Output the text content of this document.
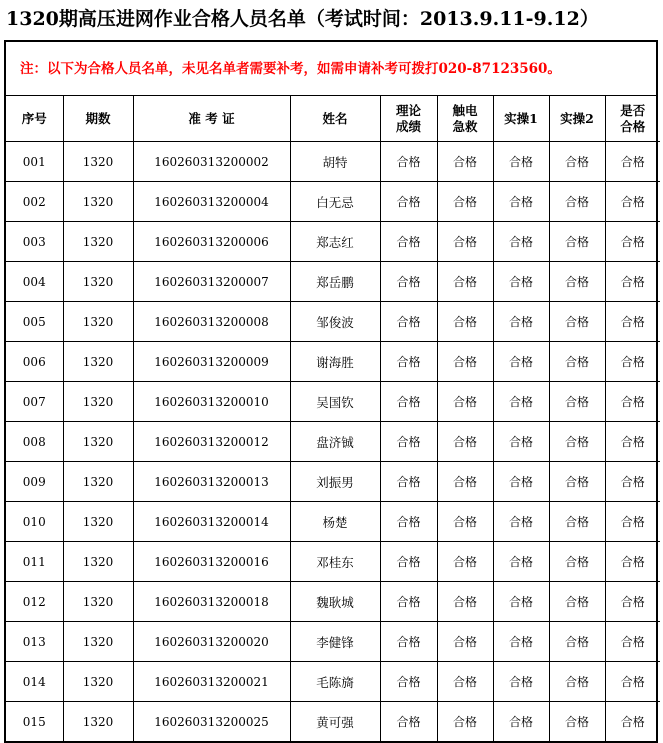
1320期高压进网作业合格人员名单（考试时间：2013.9.11-9.12）
注：以下为合格人员名单，未见名单者需要补考，如需申请补考可拨打020-87123560。
序号	期数	准 考 证	姓名	理论成绩	触电急救	实操1	实操2	是否合格
001	1320	160260313200002	胡特	合格	合格	合格	合格	合格
002	1320	160260313200004	白无忌	合格	合格	合格	合格	合格
003	1320	160260313200006	郑志红	合格	合格	合格	合格	合格
004	1320	160260313200007	郑岳鹏	合格	合格	合格	合格	合格
005	1320	160260313200008	邹俊波	合格	合格	合格	合格	合格
006	1320	160260313200009	谢海胜	合格	合格	合格	合格	合格
007	1320	160260313200010	吴国钦	合格	合格	合格	合格	合格
008	1320	160260313200012	盘济铖	合格	合格	合格	合格	合格
009	1320	160260313200013	刘振男	合格	合格	合格	合格	合格
010	1320	160260313200014	杨楚	合格	合格	合格	合格	合格
011	1320	160260313200016	邓桂东	合格	合格	合格	合格	合格
012	1320	160260313200018	魏耿城	合格	合格	合格	合格	合格
013	1320	160260313200020	李健锋	合格	合格	合格	合格	合格
014	1320	160260313200021	毛陈旖	合格	合格	合格	合格	合格
015	1320	160260313200025	黄可强	合格	合格	合格	合格	合格
